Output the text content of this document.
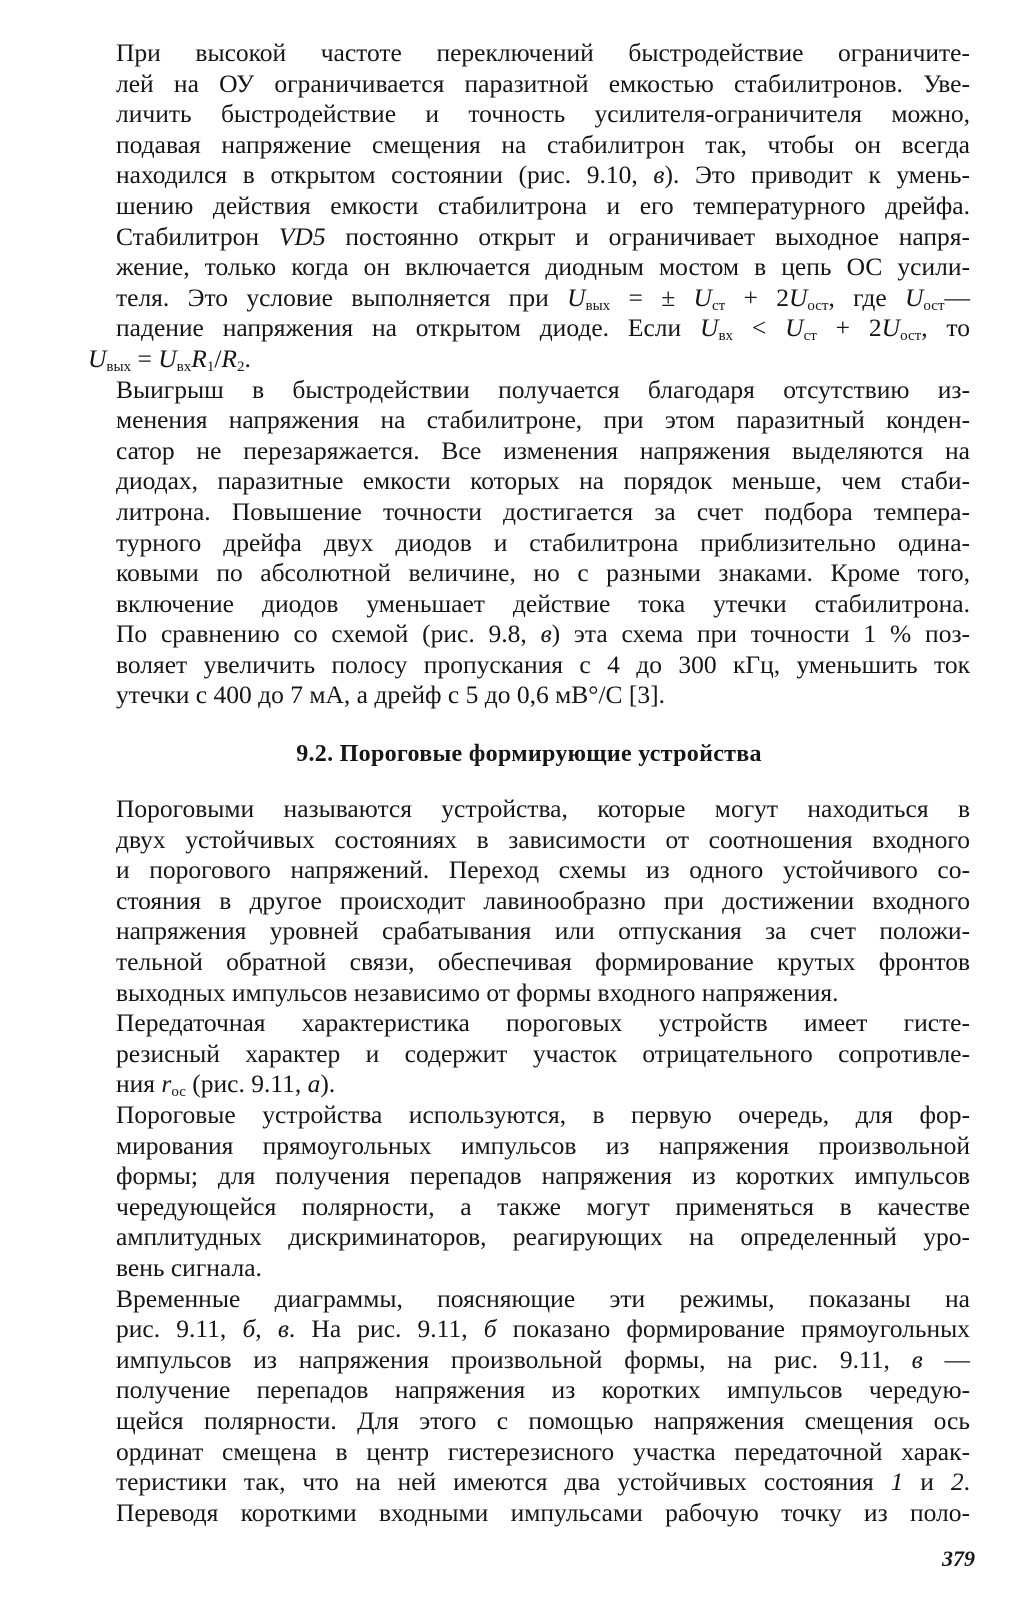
При высокой частоте переключений быстродействие ограничите-
лей на ОУ ограничивается паразитной емкостью стабилитронов. Уве-
личить быстродействие и точность усилителя-ограничителя можно,
подавая напряжение смещения на стабилитрон так, чтобы он всегда
находился в открытом состоянии (рис. 9.10, в). Это приводит к умень-
шению действия емкости стабилитрона и его температурного дрейфа.
Стабилитрон VD5 постоянно открыт и ограничивает выходное напря-
жение, только когда он включается диодным мостом в цепь ОС усили-
теля. Это условие выполняется при $U_{вых}$ = ± $U_{ст} + 2U_{ост}$, где $U_{ост}—$
падение напряжения на открытом диоде. Если $U_{вх} < U_{ст} + 2U_{ост}$, то
$U_{вых} = U_{вх}R_1/R_2$.

Выигрыш в быстродействии получается благодаря отсутствию из-
менения напряжения на стабилитроне, при этом паразитный конден-
сатор не перезаряжается. Все изменения напряжения выделяются на
диодах, паразитные емкости которых на порядок меньше, чем стаби-
литрона. Повышение точности достигается за счет подбора темпера-
турного дрейфа двух диодов и стабилитрона приблизительно одина-
ковыми по абсолютной величине, но с разными знаками. Кроме того,
включение диодов уменьшает действие тока утечки стабилитрона.
По сравнению со схемой (рис. 9.8, в) эта схема при точности 1 % поз-
воляет увеличить полосу пропускания с 4 до 300 кГц, уменьшить ток
утечки с 400 до 7 мА, а дрейф с 5 до 0,6 мВ°/С [3].

9.2. Пороговые формирующие устройства

Пороговыми называются устройства, которые могут находиться в
двух устойчивых состояниях в зависимости от соотношения входного
и порогового напряжений. Переход схемы из одного устойчивого со-
стояния в другое происходит лавинообразно при достижении входного
напряжения уровней срабатывания или отпускания за счет положи-
тельной обратной связи, обеспечивая формирование крутых фронтов
выходных импульсов независимо от формы входного напряжения.

Передаточная характеристика пороговых устройств имеет гисте-
резисный характер и содержит участок отрицательного сопротивле-
ния $r_{ос}$ (рис. 9.11, а).

Пороговые устройства используются, в первую очередь, для фор-
мирования прямоугольных импульсов из напряжения произвольной
формы; для получения перепадов напряжения из коротких импульсов
чередующейся полярности, а также могут применяться в качестве
амплитудных дискриминаторов, реагирующих на определенный уро-
вень сигнала.

Временные диаграммы, поясняющие эти режимы, показаны на
рис. 9.11, б, в. На рис. 9.11, б показано формирование прямоугольных
импульсов из напряжения произвольной формы, на рис. 9.11, в —
получение перепадов напряжения из коротких импульсов чередую-
щейся полярности. Для этого с помощью напряжения смещения ось
ординат смещена в центр гистерезисного участка передаточной харак-
теристики так, что на ней имеются два устойчивых состояния 1 и 2.
Переводя короткими входными импульсами рабочую точку из поло-

379
